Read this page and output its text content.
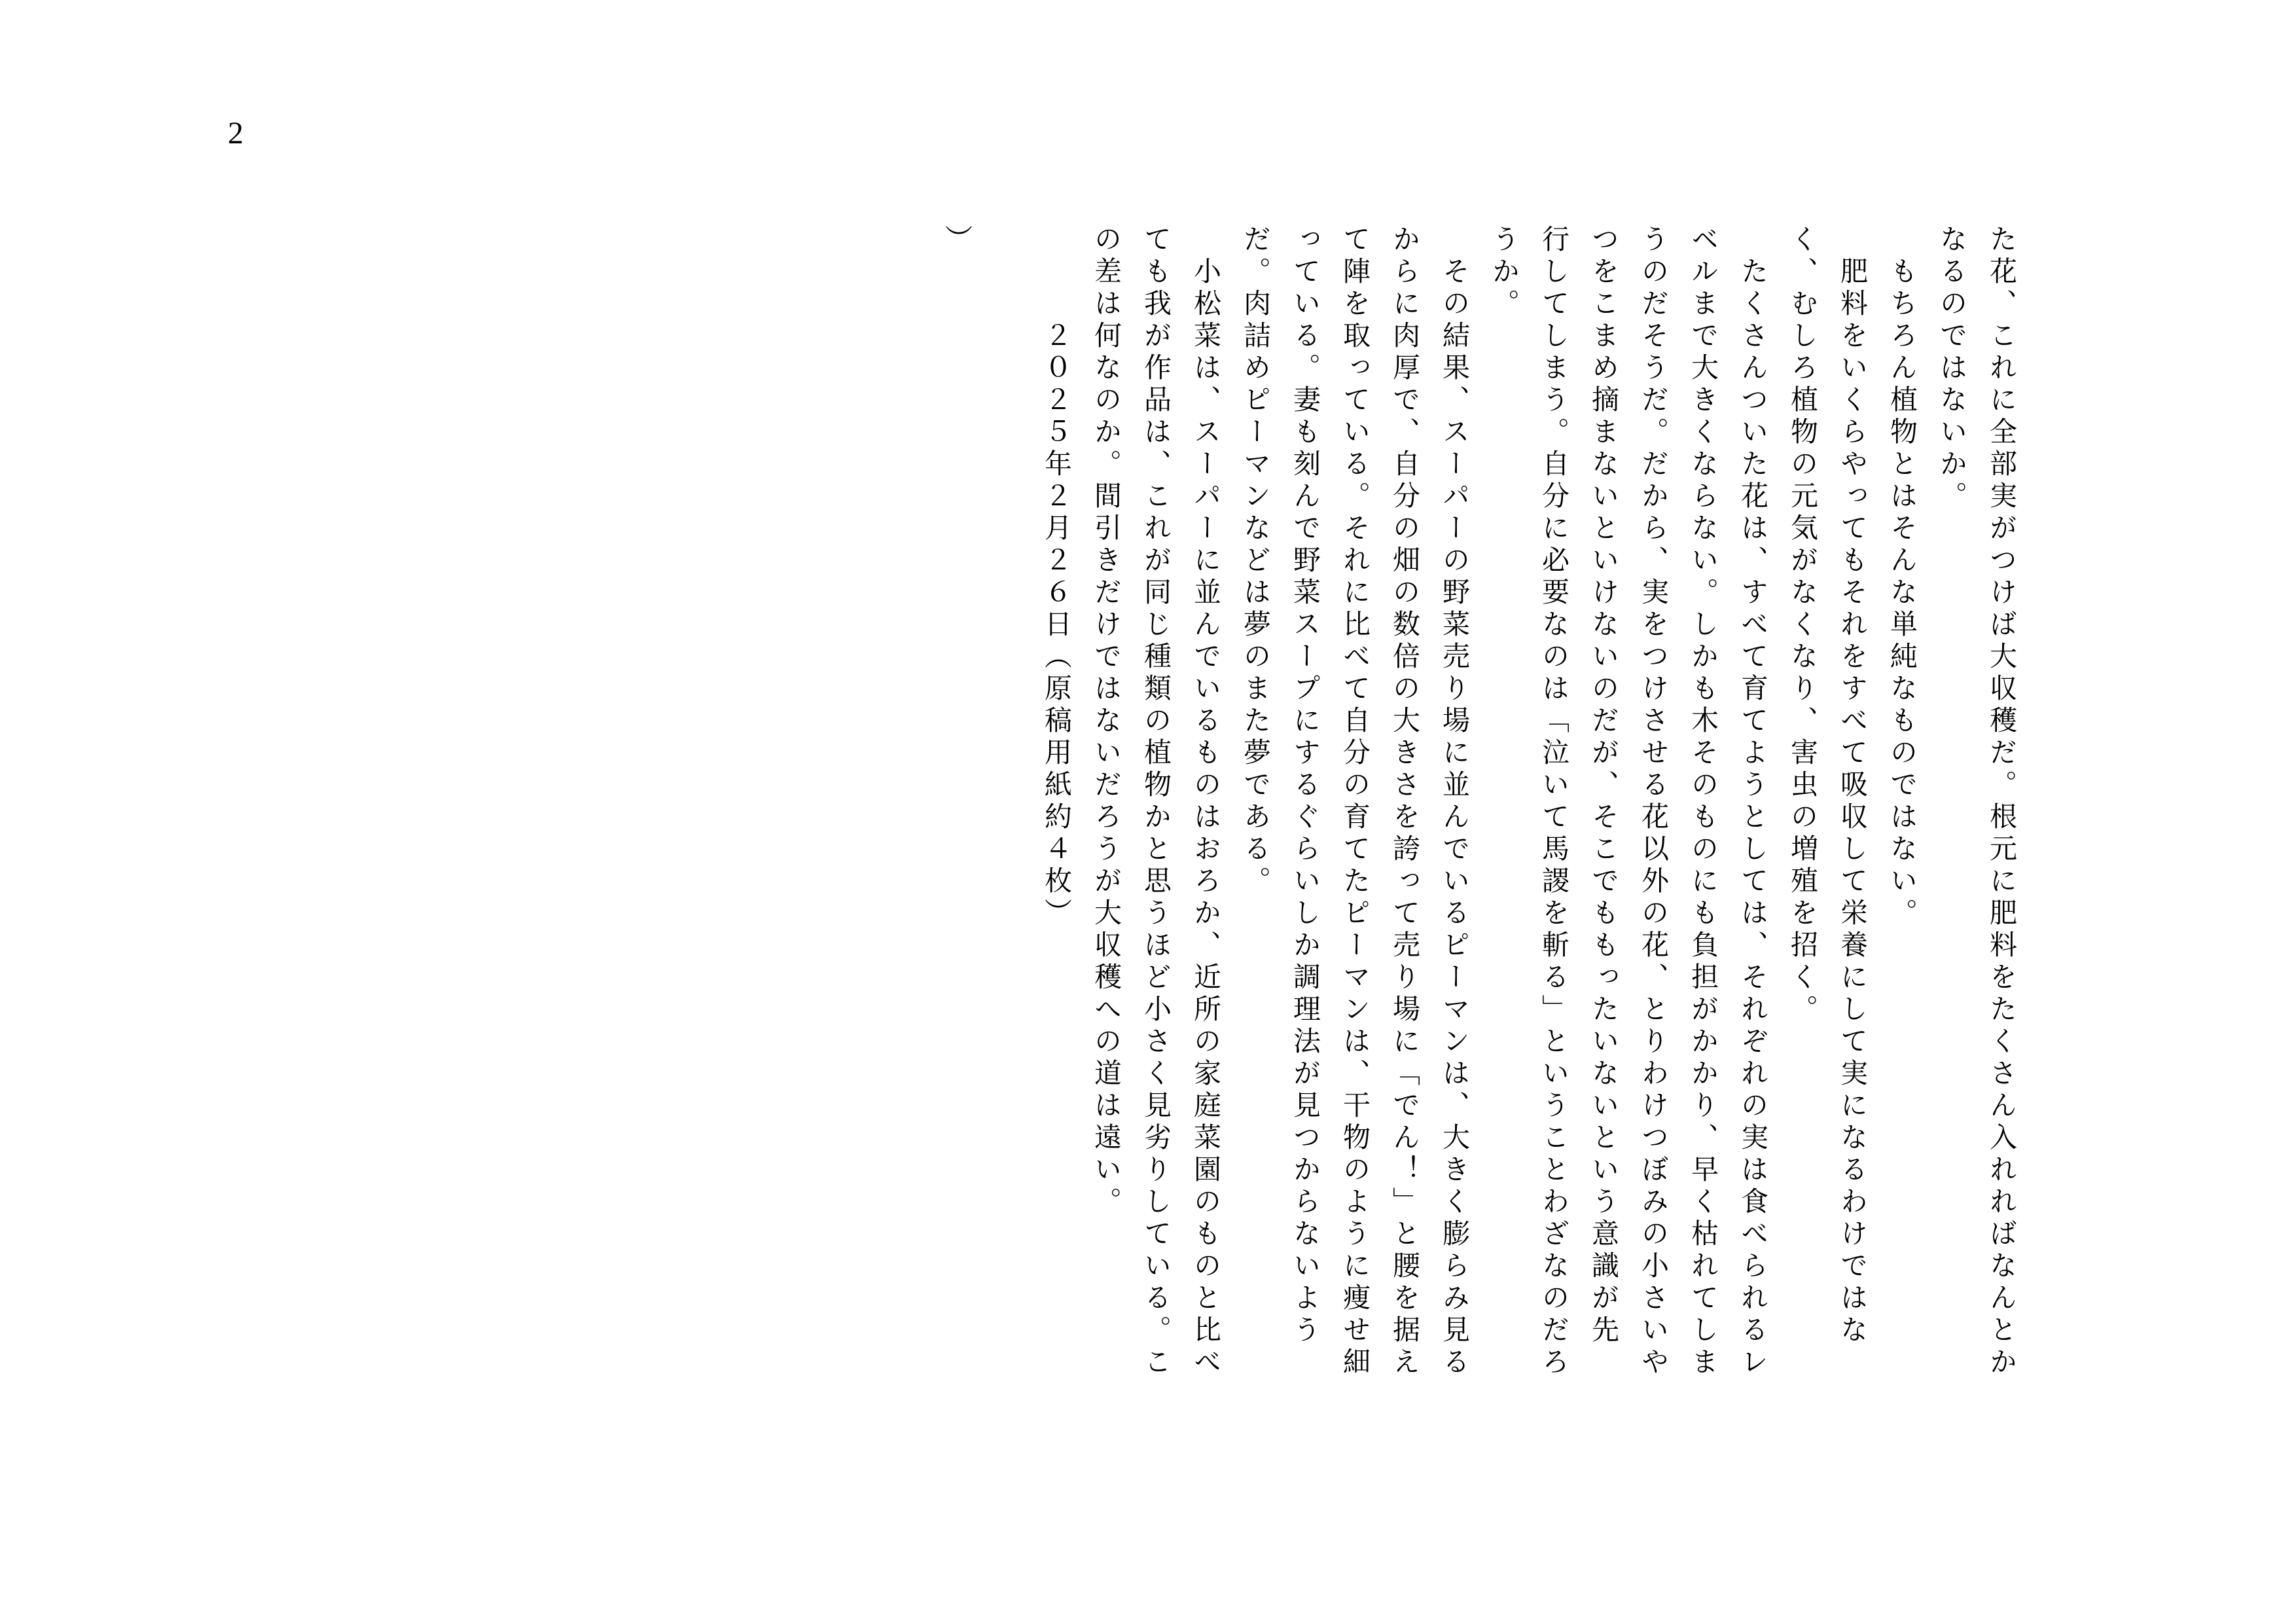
2
た花、これに全部実がつけば大収穫だ。根元に肥料をたくさん入れればなんとか
なるのではないか。
もちろん植物とはそんな単純なものではない。
肥料をいくらやってもそれをすべて吸収して栄養にして実になるわけではな
く、むしろ植物の元気がなくなり、害虫の増殖を招く。
たくさんついた花は、すべて育てようとしては、それぞれの実は食べられるレ
ベルまで大きくならない。しかも木そのものにも負担がかかり、早く枯れてしま
うのだそうだ。だから、実をつけさせる花以外の花、とりわけつぼみの小さいや
つをこまめ摘まないといけないのだが、そこでももったいないという意識が先
行してしまう。自分に必要なのは「泣いて馬謖を斬る」ということわざなのだろ
うか。
その結果、スーパーの野菜売り場に並んでいるピーマンは、大きく膨らみ見る
からに肉厚で、自分の畑の数倍の大きさを誇って売り場に「でん！」と腰を据え
て陣を取っている。それに比べて自分の育てたピーマンは、干物のように痩せ細
っている。妻も刻んで野菜スープにするぐらいしか調理法が見つからないよう
だ。肉詰めピーマンなどは夢のまた夢である。
小松菜は、スーパーに並んでいるものはおろか、近所の家庭菜園のものと比べ
ても我が作品は、これが同じ種類の植物かと思うほど小さく見劣りしている。こ
の差は何なのか。間引きだけではないだろうが大収穫への道は遠い。
２０２５年２月２６日（原稿用紙約４枚）
）
